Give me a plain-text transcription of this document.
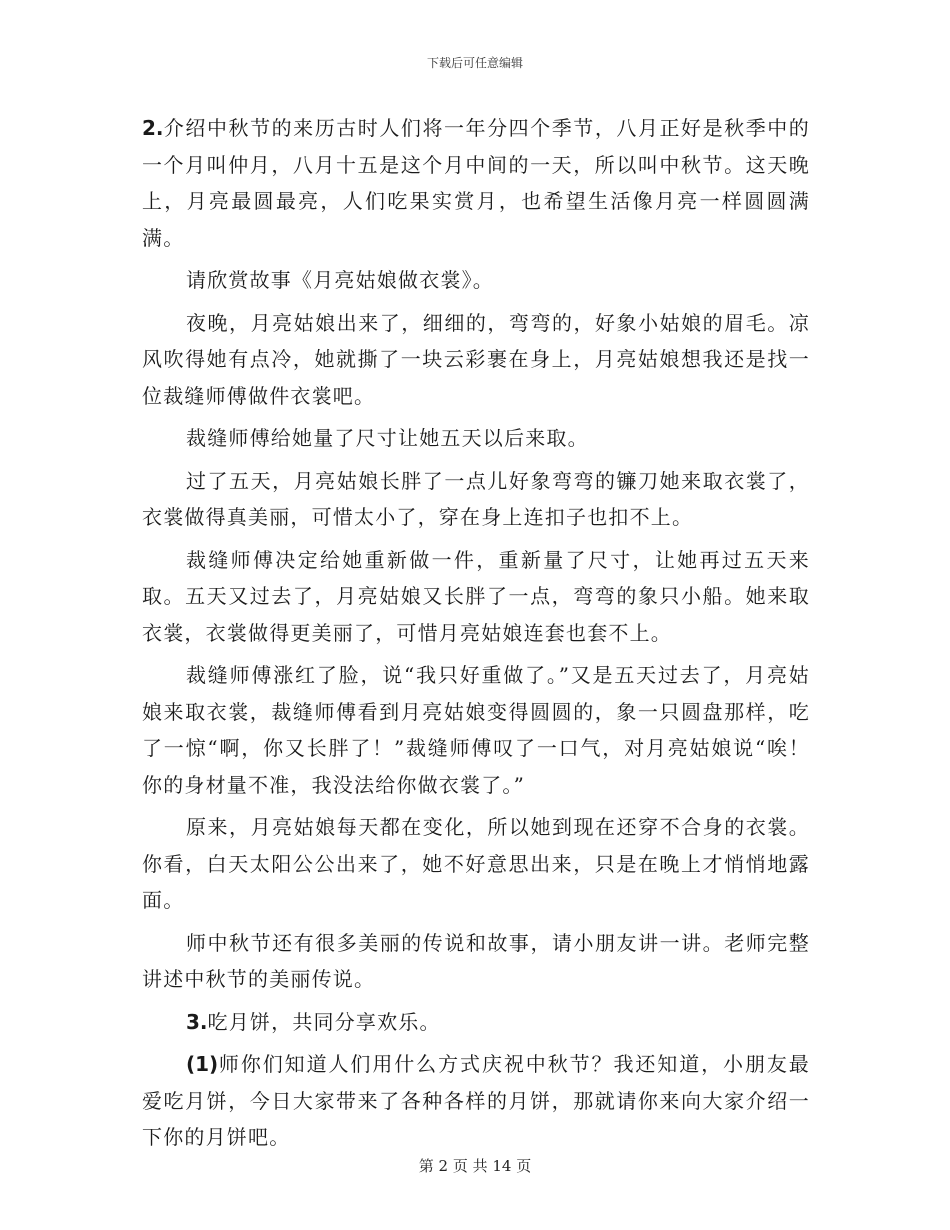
下载后可任意编辑

2.介绍中秋节的来历古时人们将一年分四个季节，八月正好是秋季中的一个月叫仲月，八月十五是这个月中间的一天，所以叫中秋节。这天晚上，月亮最圆最亮，人们吃果实赏月，也希望生活像月亮一样圆圆满满。

请欣赏故事《月亮姑娘做衣裳》。

夜晚，月亮姑娘出来了，细细的，弯弯的，好象小姑娘的眉毛。凉风吹得她有点冷，她就撕了一块云彩裹在身上，月亮姑娘想我还是找一位裁缝师傅做件衣裳吧。

裁缝师傅给她量了尺寸让她五天以后来取。

过了五天，月亮姑娘长胖了一点儿好象弯弯的镰刀她来取衣裳了，衣裳做得真美丽，可惜太小了，穿在身上连扣子也扣不上。

裁缝师傅决定给她重新做一件，重新量了尺寸，让她再过五天来取。五天又过去了，月亮姑娘又长胖了一点，弯弯的象只小船。她来取衣裳，衣裳做得更美丽了，可惜月亮姑娘连套也套不上。

裁缝师傅涨红了脸，说“我只好重做了。”又是五天过去了，月亮姑娘来取衣裳，裁缝师傅看到月亮姑娘变得圆圆的，象一只圆盘那样，吃了一惊“啊，你又长胖了！”裁缝师傅叹了一口气，对月亮姑娘说“唉！你的身材量不准，我没法给你做衣裳了。”

原来，月亮姑娘每天都在变化，所以她到现在还穿不合身的衣裳。你看，白天太阳公公出来了，她不好意思出来，只是在晚上才悄悄地露面。

师中秋节还有很多美丽的传说和故事，请小朋友讲一讲。老师完整讲述中秋节的美丽传说。

3.吃月饼，共同分享欢乐。

(1)师你们知道人们用什么方式庆祝中秋节？我还知道，小朋友最爱吃月饼，今日大家带来了各种各样的月饼，那就请你来向大家介绍一下你的月饼吧。

第 2 页 共 14 页
